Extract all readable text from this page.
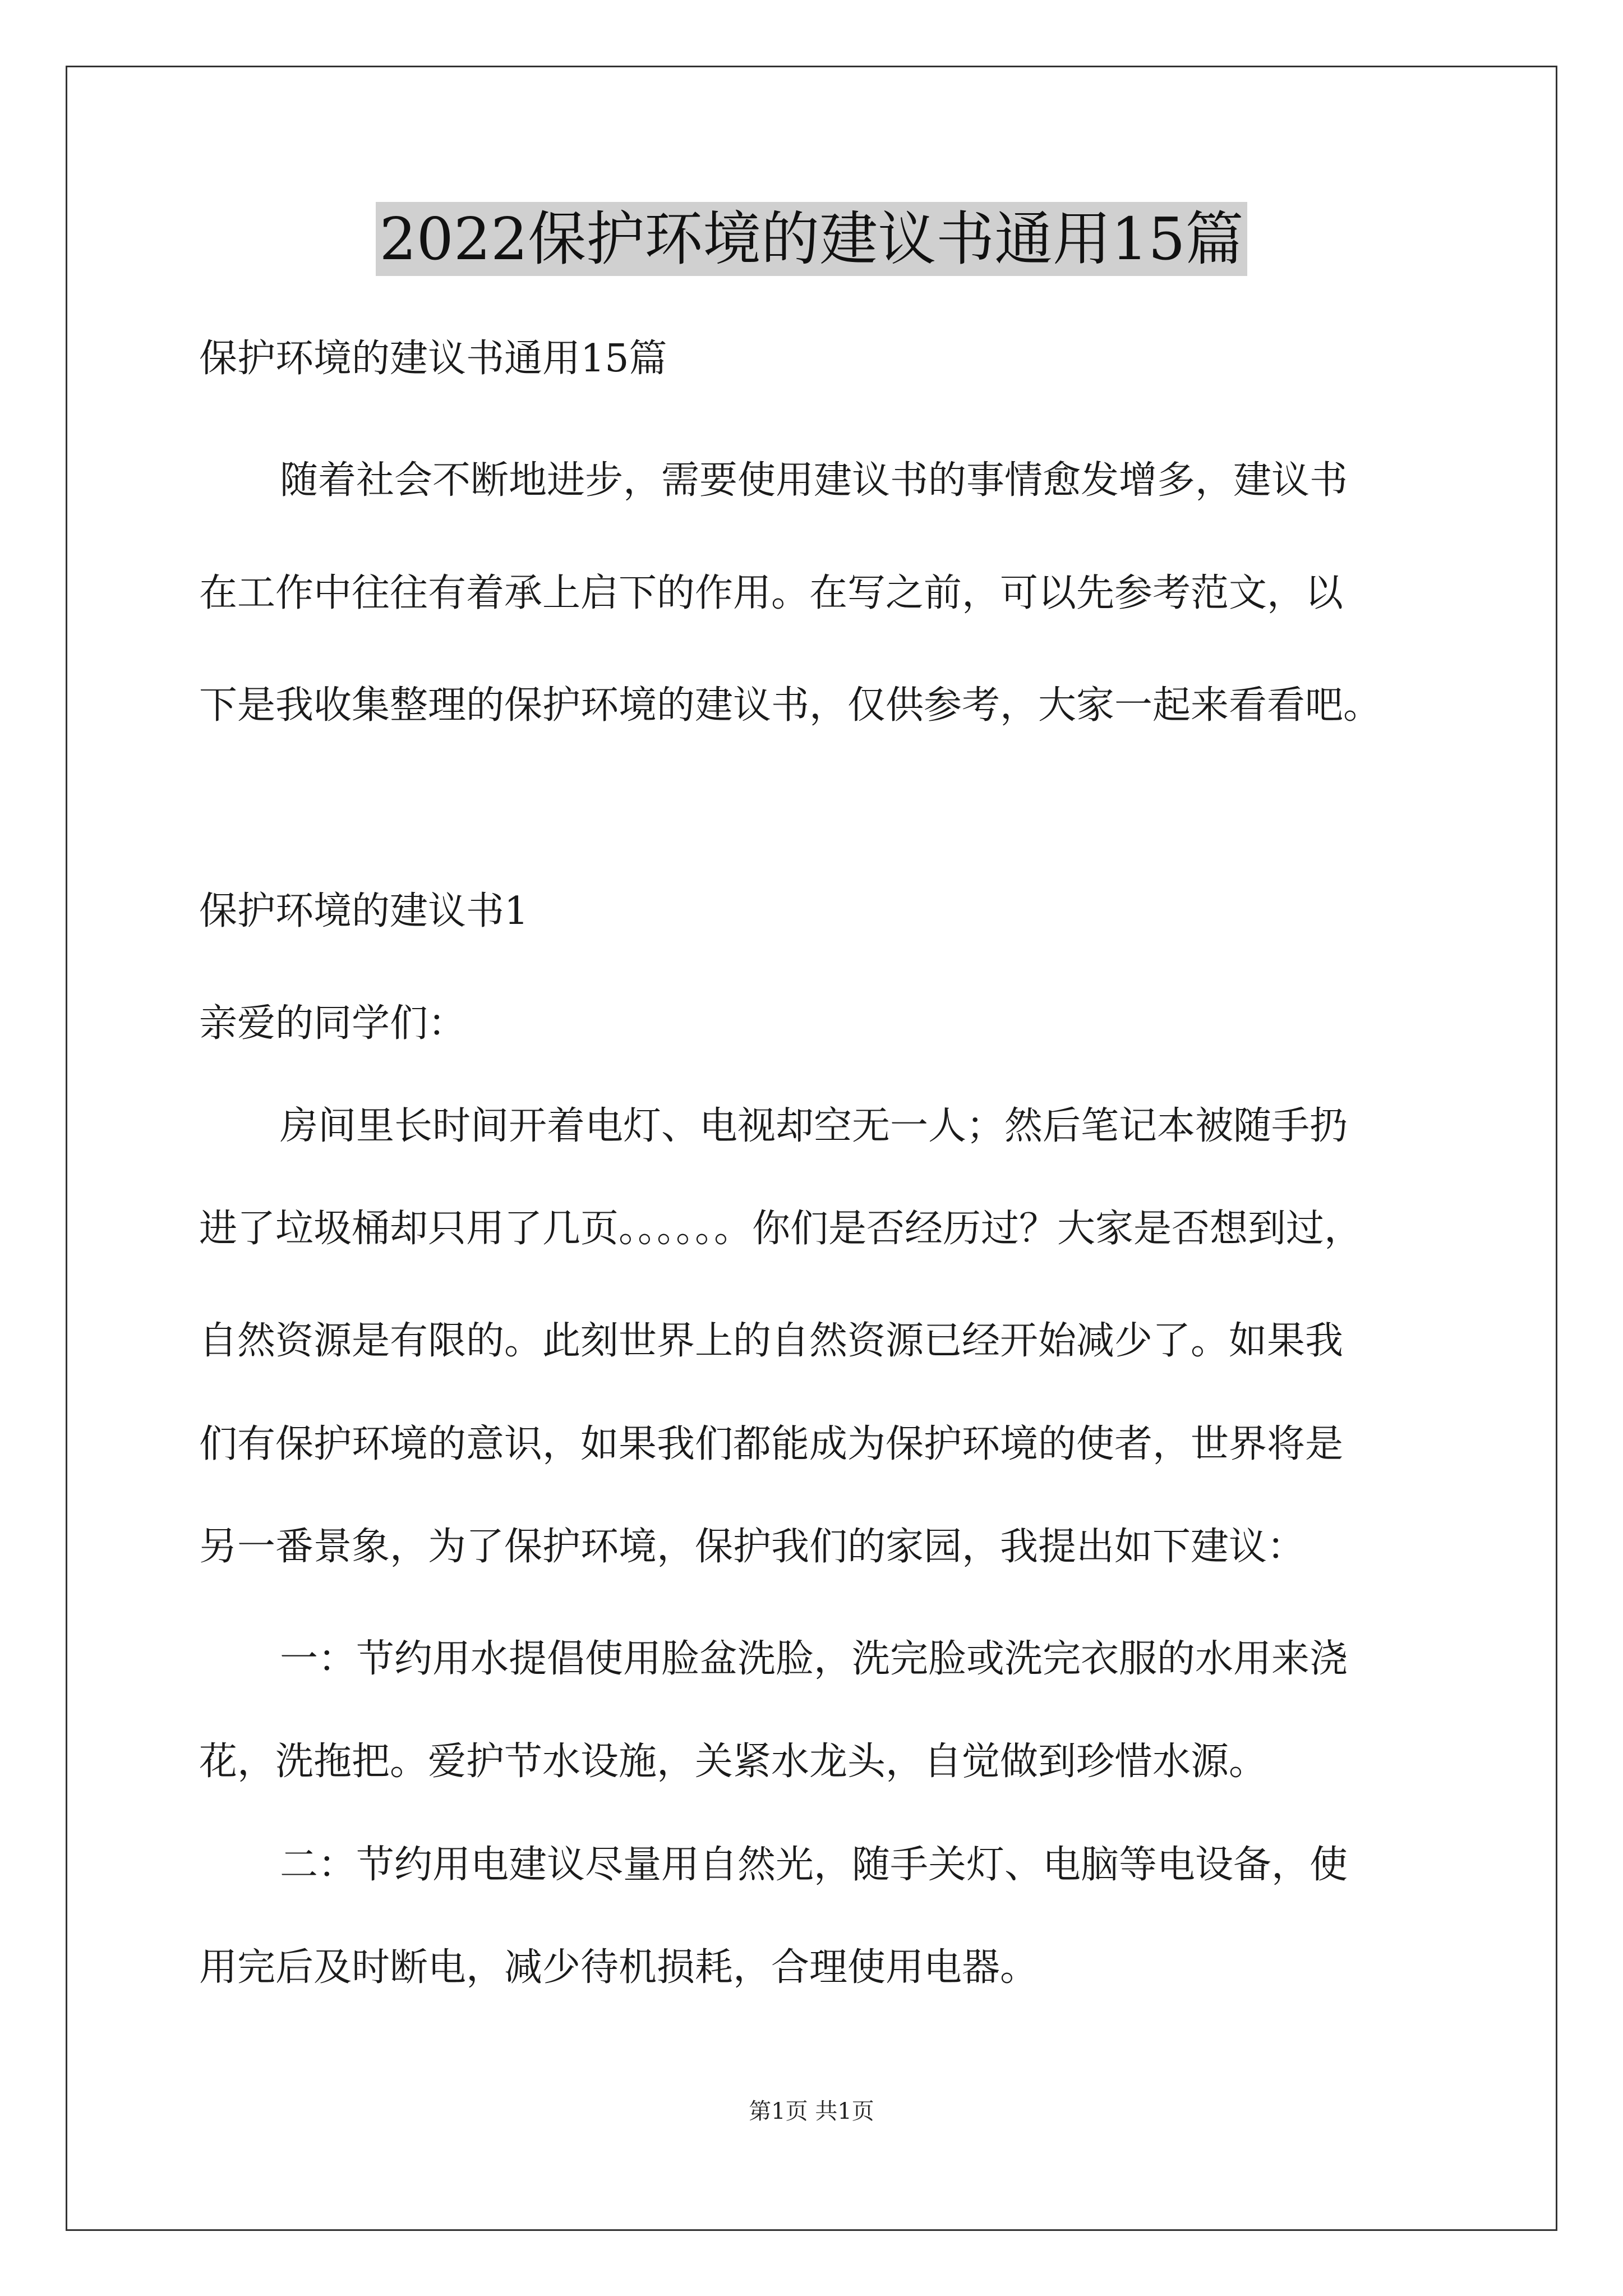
2022保护环境的建议书通用15篇
保护环境的建议书通用15篇
随着社会不断地进步，需要使用建议书的事情愈发增多，建议书
在工作中往往有着承上启下的作用。在写之前，可以先参考范文，以
下是我收集整理的保护环境的建议书，仅供参考，大家一起来看看吧。
保护环境的建议书1
亲爱的同学们：
房间里长时间开着电灯、电视却空无一人；然后笔记本被随手扔
进了垃圾桶却只用了几页。。。。。。你们是否经历过？大家是否想到过，
自然资源是有限的。此刻世界上的自然资源已经开始减少了。如果我
们有保护环境的意识，如果我们都能成为保护环境的使者，世界将是
另一番景象，为了保护环境，保护我们的家园，我提出如下建议：
一：节约用水提倡使用脸盆洗脸，洗完脸或洗完衣服的水用来浇
花，洗拖把。爱护节水设施，关紧水龙头，自觉做到珍惜水源。
二：节约用电建议尽量用自然光，随手关灯、电脑等电设备，使
用完后及时断电，减少待机损耗，合理使用电器。
第1页 共1页
